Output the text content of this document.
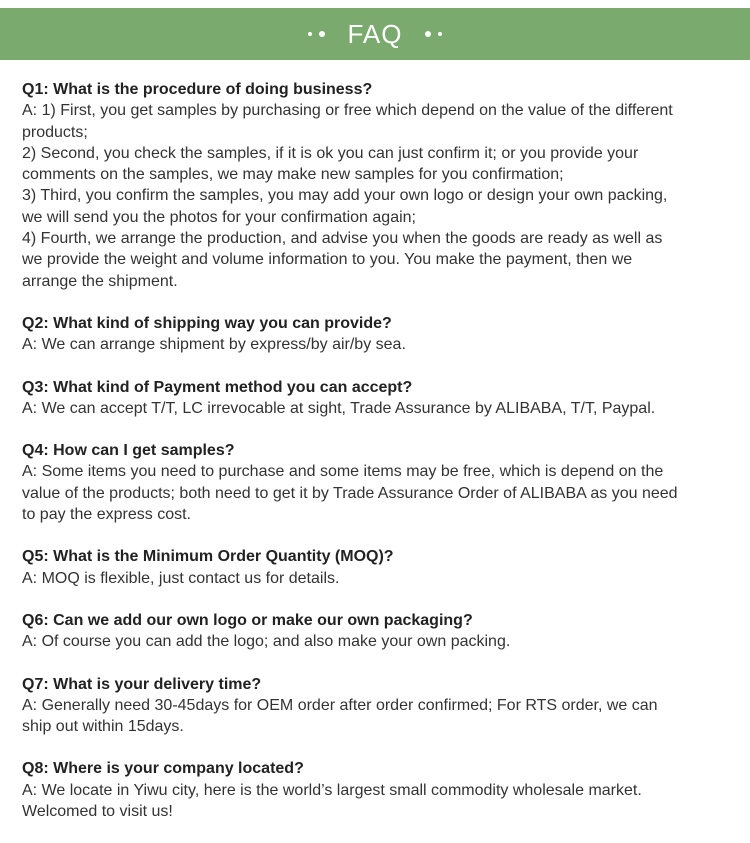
FAQ

Q1: What is the procedure of doing business?

A: 1) First, you get samples by purchasing or free which depend on the value of the different

products;

2) Second, you check the samples, if it is ok you can just confirm it; or you provide your

comments on the samples, we may make new samples for you confirmation;

3) Third, you confirm the samples, you may add your own logo or design your own packing,

we will send you the photos for your confirmation again;

4) Fourth, we arrange the production, and advise you when the goods are ready as well as

we provide the weight and volume information to you. You make the payment, then we

arrange the shipment.

Q2: What kind of shipping way you can provide?

A: We can arrange shipment by express/by air/by sea.

Q3: What kind of Payment method you can accept?

A: We can accept T/T, LC irrevocable at sight, Trade Assurance by ALIBABA, T/T, Paypal.

Q4: How can I get samples?

A: Some items you need to purchase and some items may be free, which is depend on the

value of the products; both need to get it by Trade Assurance Order of ALIBABA as you need

to pay the express cost.

Q5: What is the Minimum Order Quantity (MOQ)?

A: MOQ is flexible, just contact us for details.

Q6: Can we add our own logo or make our own packaging?

A: Of course you can add the logo; and also make your own packing.

Q7: What is your delivery time?

A: Generally need 30-45days for OEM order after order confirmed; For RTS order, we can

ship out within 15days.

Q8: Where is your company located?

A: We locate in Yiwu city, here is the world’s largest small commodity wholesale market.

Welcomed to visit us!
